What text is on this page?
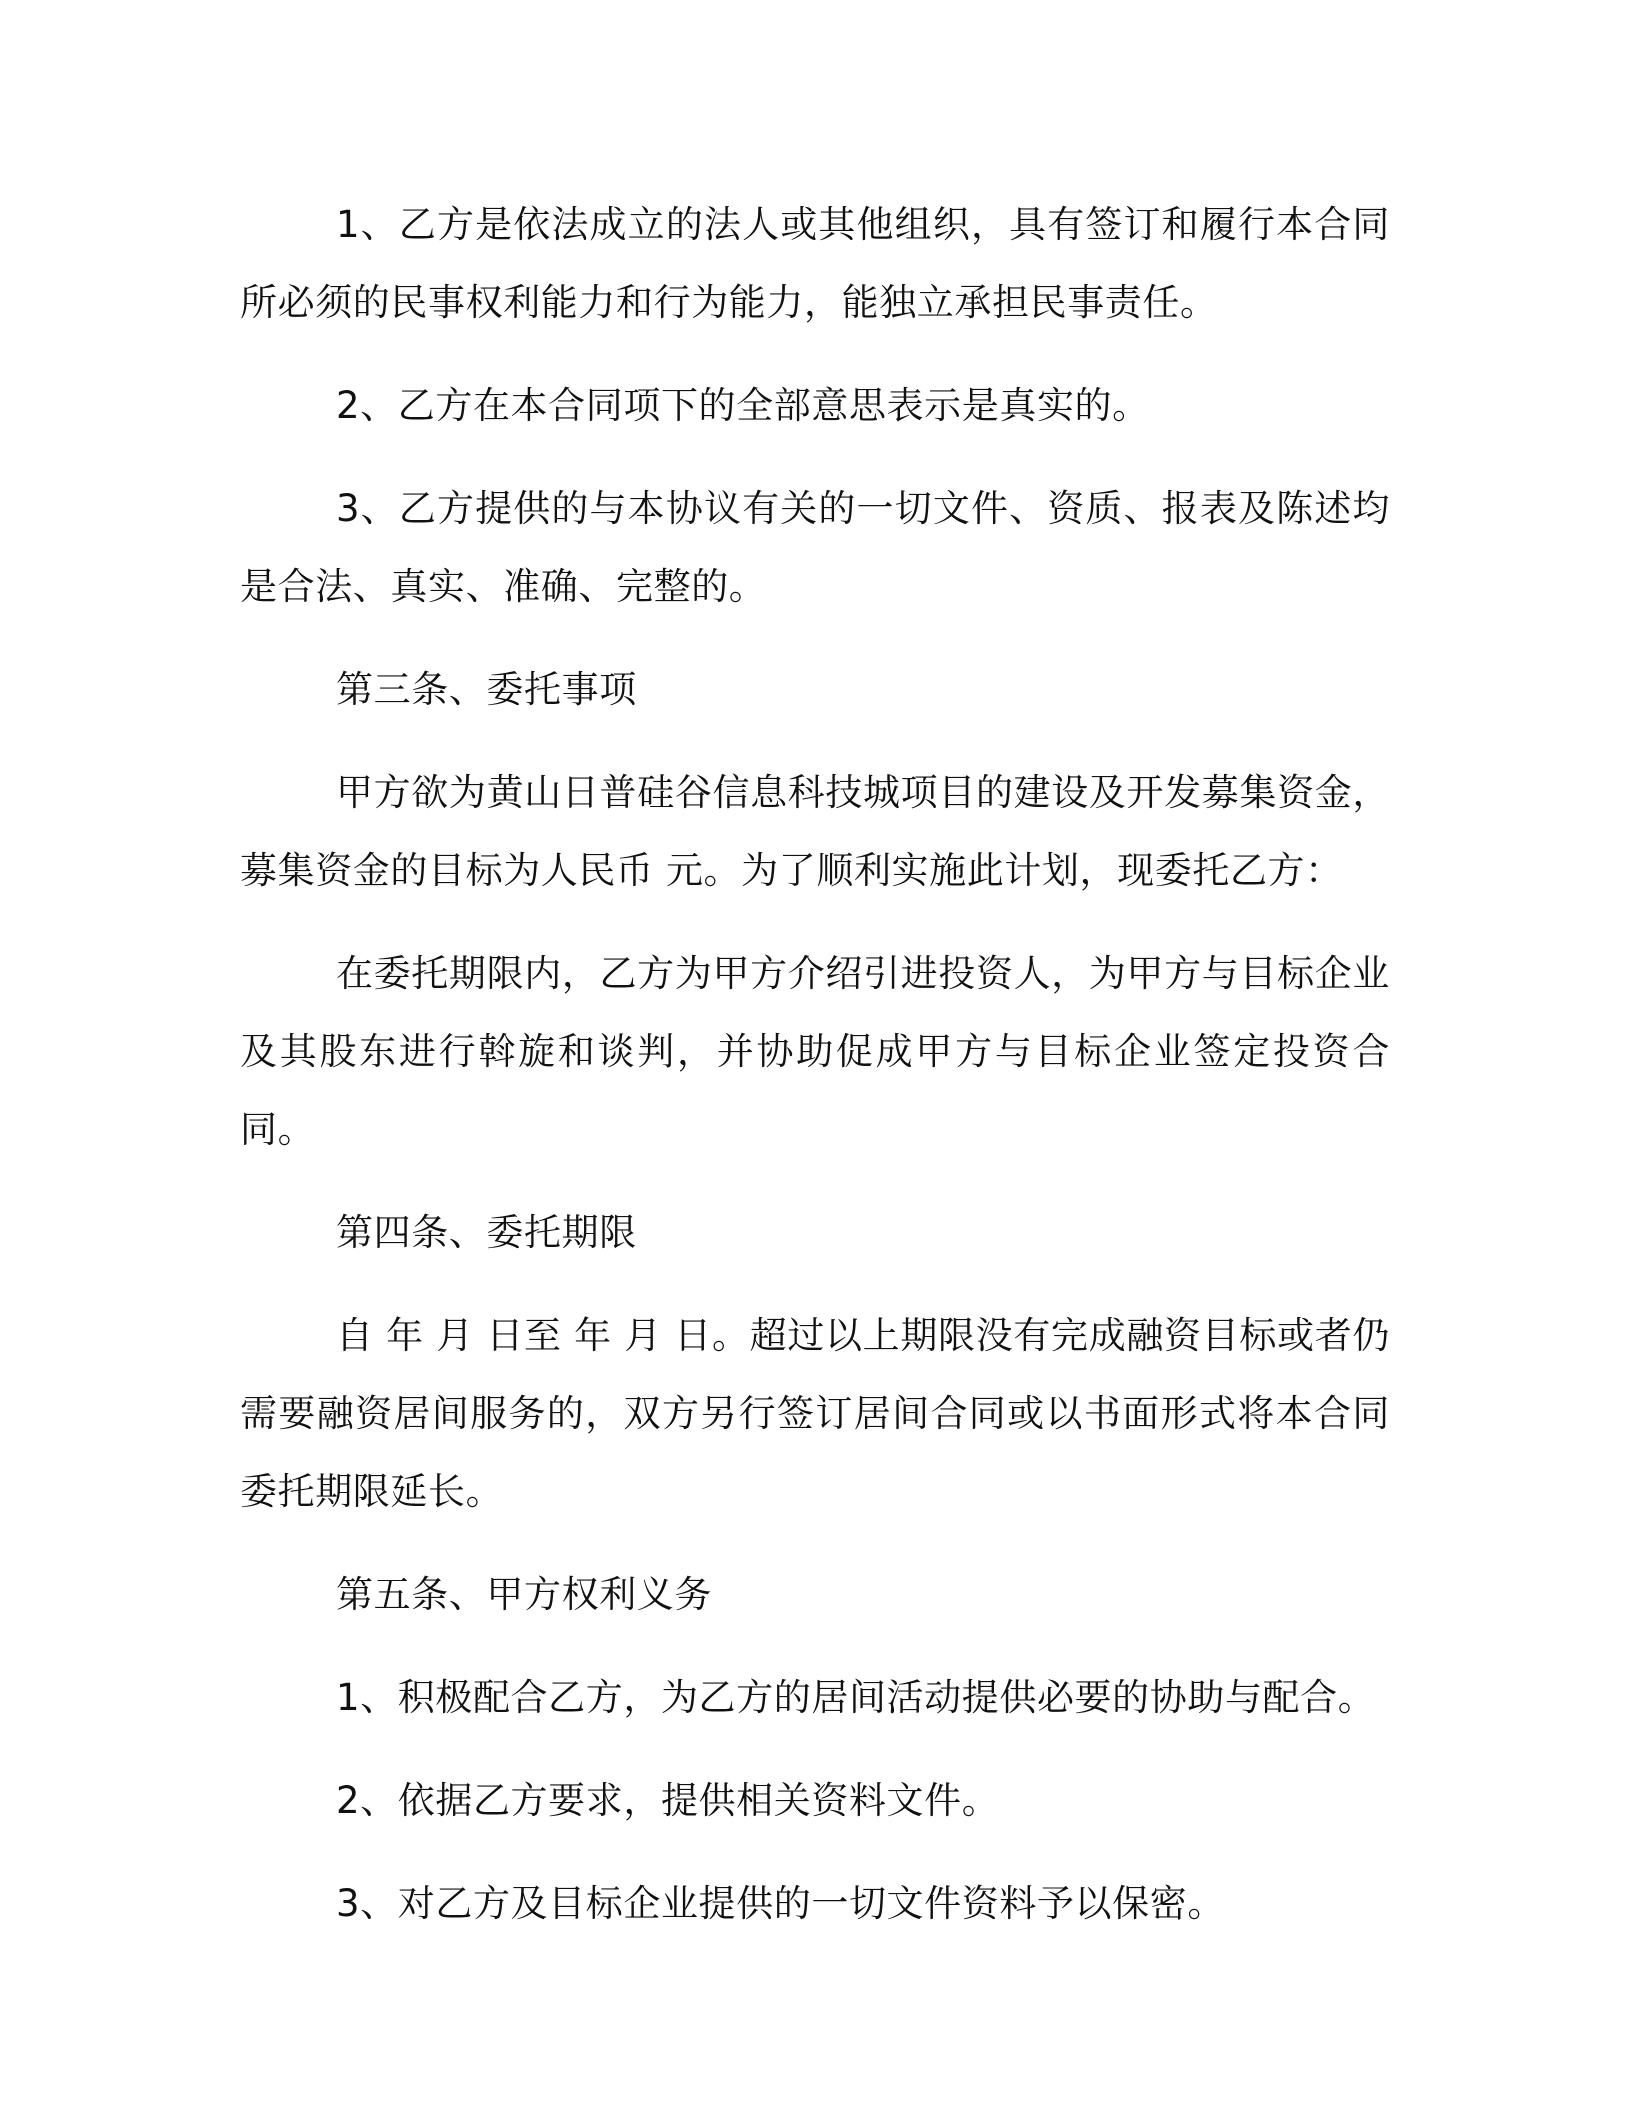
1、乙方是依法成立的法人或其他组织，具有签订和履行本合同所必须的民事权利能力和行为能力，能独立承担民事责任。

2、乙方在本合同项下的全部意思表示是真实的。

3、乙方提供的与本协议有关的一切文件、资质、报表及陈述均是合法、真实、准确、完整的。

第三条、委托事项

甲方欲为黄山日普硅谷信息科技城项目的建设及开发募集资金，募集资金的目标为人民币 元。为了顺利实施此计划，现委托乙方：

在委托期限内，乙方为甲方介绍引进投资人，为甲方与目标企业及其股东进行斡旋和谈判，并协助促成甲方与目标企业签定投资合同。

第四条、委托期限

自 年 月 日至 年 月 日。超过以上期限没有完成融资目标或者仍需要融资居间服务的，双方另行签订居间合同或以书面形式将本合同委托期限延长。

第五条、甲方权利义务

1、积极配合乙方，为乙方的居间活动提供必要的协助与配合。

2、依据乙方要求，提供相关资料文件。

3、对乙方及目标企业提供的一切文件资料予以保密。
